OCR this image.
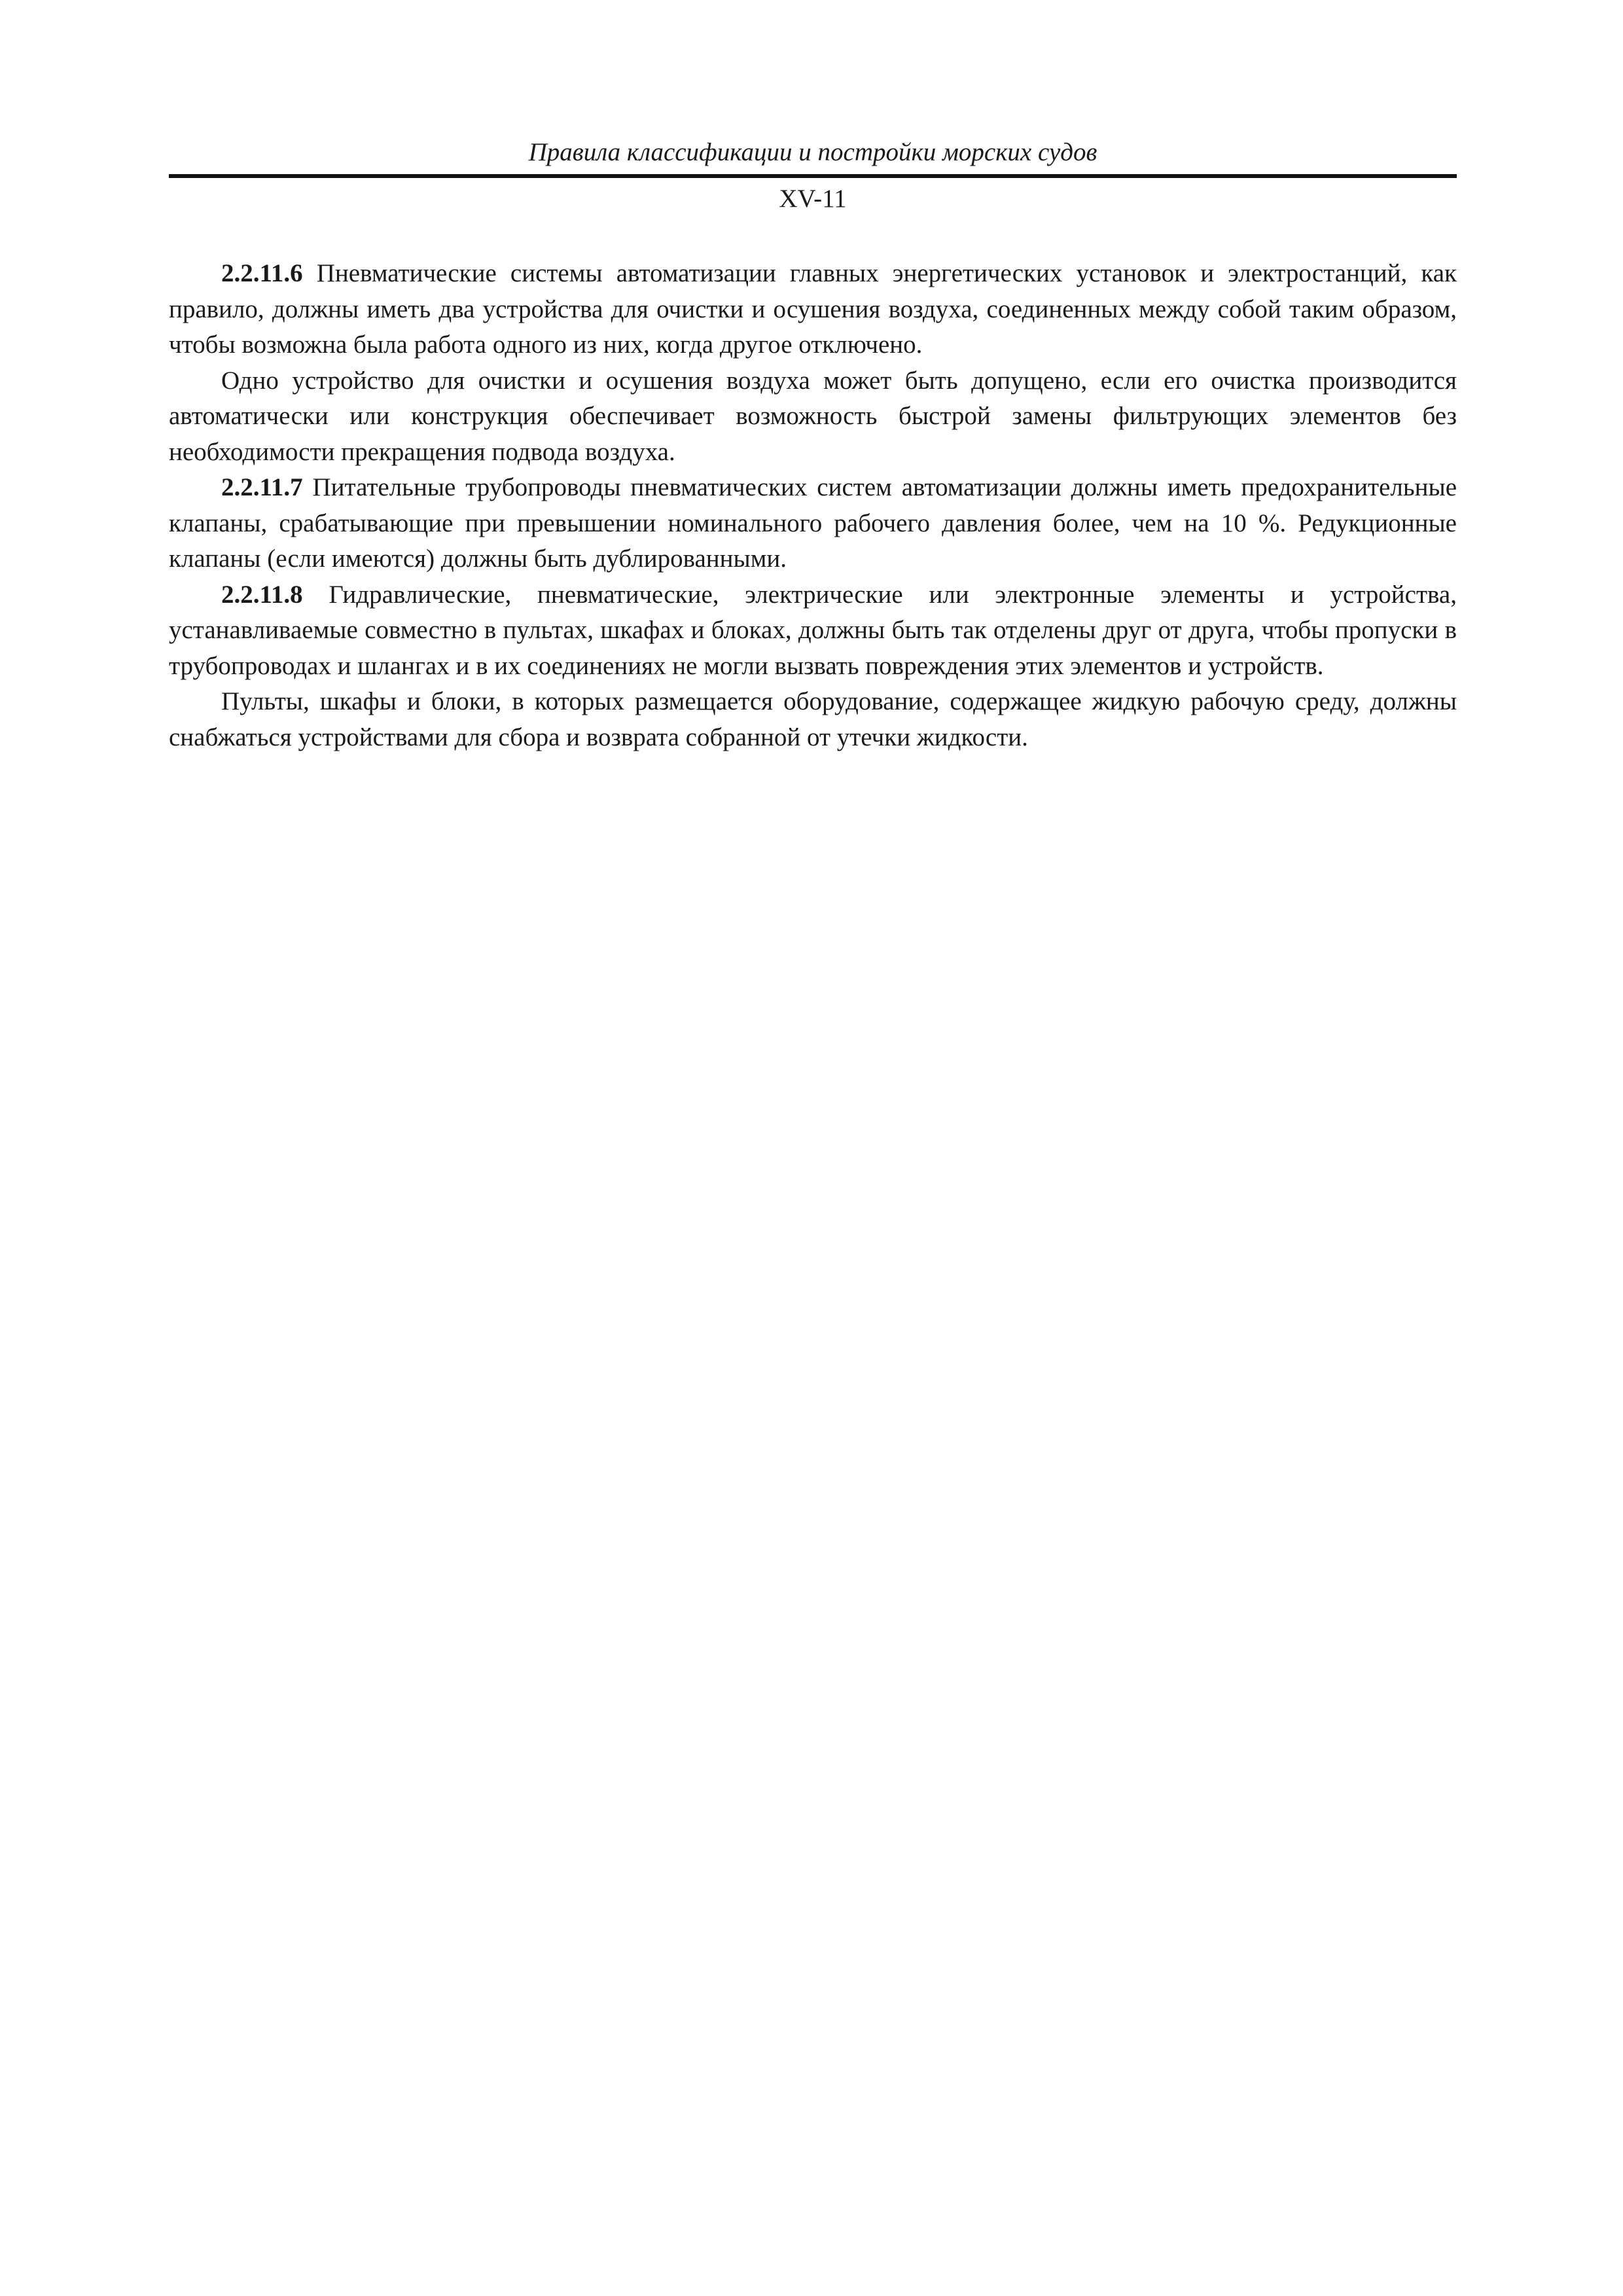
Правила классификации и постройки морских судов
XV-11

2.2.11.6 Пневматические системы автоматизации главных энергетических установок и электростанций, как правило, должны иметь два устройства для очистки и осушения воздуха, соединенных между собой таким образом, чтобы возможна была работа одного из них, когда другое отключено.

Одно устройство для очистки и осушения воздуха может быть допущено, если его очистка производится автоматически или конструкция обеспечивает возможность быстрой замены фильтрующих элементов без необходимости прекращения подвода воздуха.

2.2.11.7 Питательные трубопроводы пневматических систем автоматизации должны иметь предохранительные клапаны, срабатывающие при превышении номинального рабочего давления более, чем на 10 %. Редукционные клапаны (если имеются) должны быть дублированными.

2.2.11.8 Гидравлические, пневматические, электрические или электронные элементы и устройства, устанавливаемые совместно в пультах, шкафах и блоках, должны быть так отделены друг от друга, чтобы пропуски в трубопроводах и шлангах и в их соединениях не могли вызвать повреждения этих элементов и устройств.

Пульты, шкафы и блоки, в которых размещается оборудование, содержащее жидкую рабочую среду, должны снабжаться устройствами для сбора и возврата собранной от утечки жидкости.
